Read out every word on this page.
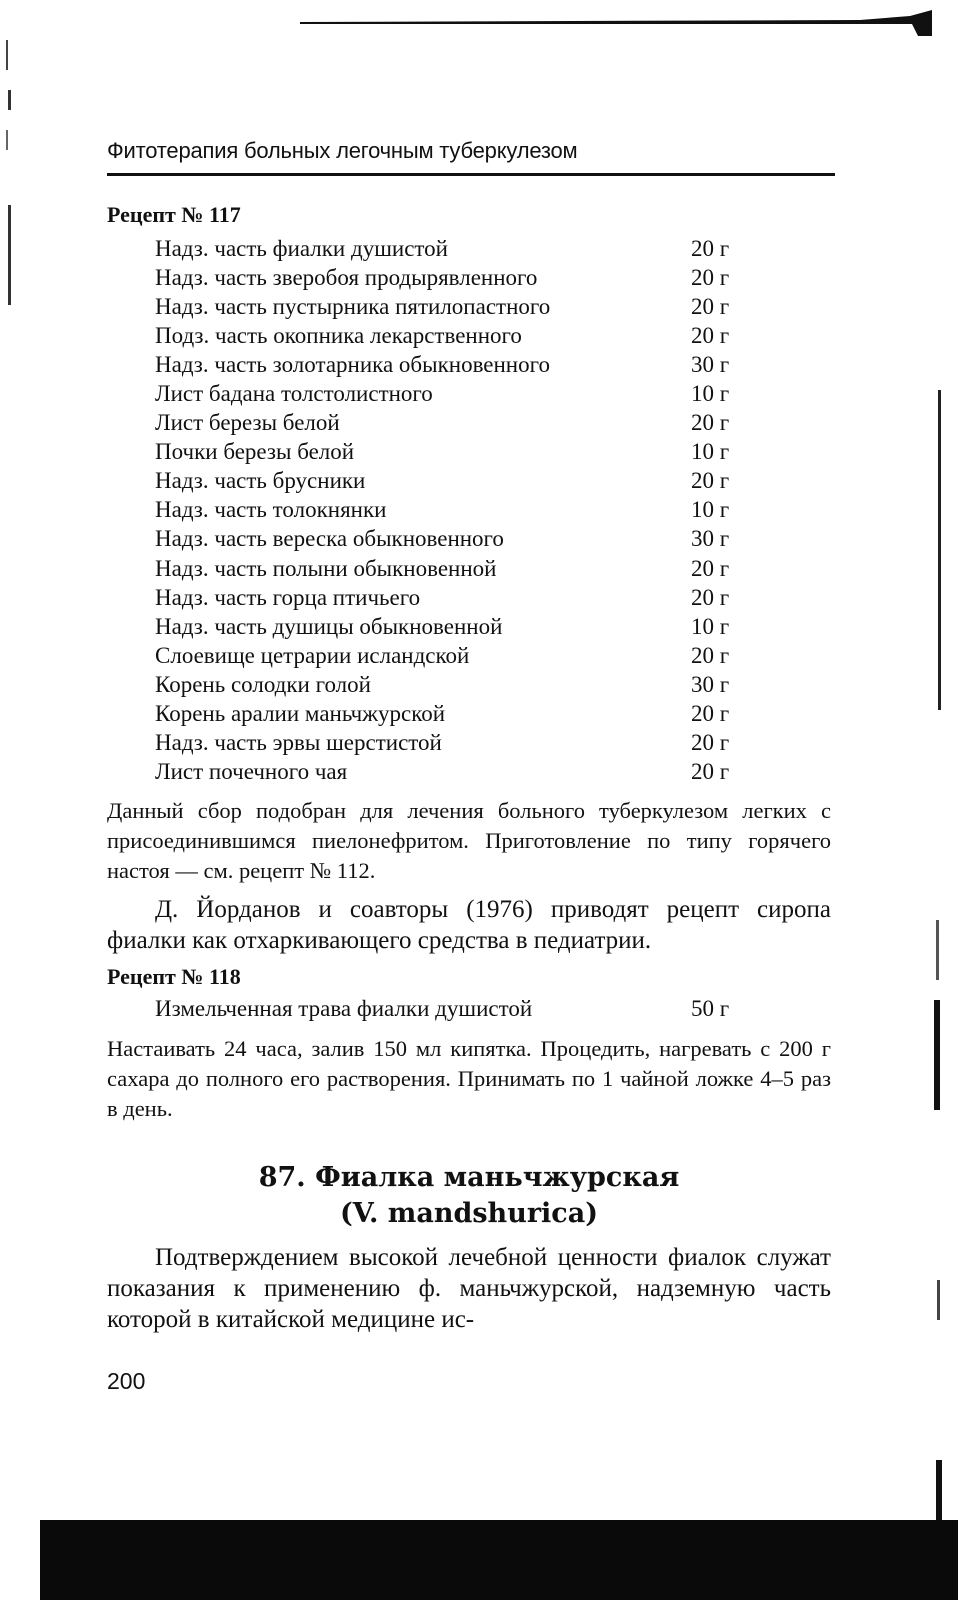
Фитотерапия больных легочным туберкулезом
Рецепт № 117
Надз. часть фиалки душистой	20 г
Надз. часть зверобоя продырявленного	20 г
Надз. часть пустырника пятилопастного	20 г
Подз. часть окопника лекарственного	20 г
Надз. часть золотарника обыкновенного	30 г
Лист бадана толстолистного	10 г
Лист березы белой	20 г
Почки березы белой	10 г
Надз. часть брусники	20 г
Надз. часть толокнянки	10 г
Надз. часть вереска обыкновенного	30 г
Надз. часть полыни обыкновенной	20 г
Надз. часть горца птичьего	20 г
Надз. часть душицы обыкновенной	10 г
Слоевище цетрарии исландской	20 г
Корень солодки голой	30 г
Корень аралии маньчжурской	20 г
Надз. часть эрвы шерстистой	20 г
Лист почечного чая	20 г

Данный сбор подобран для лечения больного туберкулезом легких с присоединившимся пиелонефритом. Приготовление по типу горячего настоя — см. рецепт № 112.

Д. Йорданов и соавторы (1976) приводят рецепт сиропа фиалки как отхаркивающего средства в педиатрии.

Рецепт № 118
Измельченная трава фиалки душистой	50 г

Настаивать 24 часа, залив 150 мл кипятка. Процедить, нагревать с 200 г сахара до полного его растворения. Принимать по 1 чайной ложке 4–5 раз в день.

87. Фиалка маньчжурская
(V. mandshurica)

Подтверждением высокой лечебной ценности фиалок служат показания к применению ф. маньчжурской, надземную часть которой в китайской медицине ис-

200
